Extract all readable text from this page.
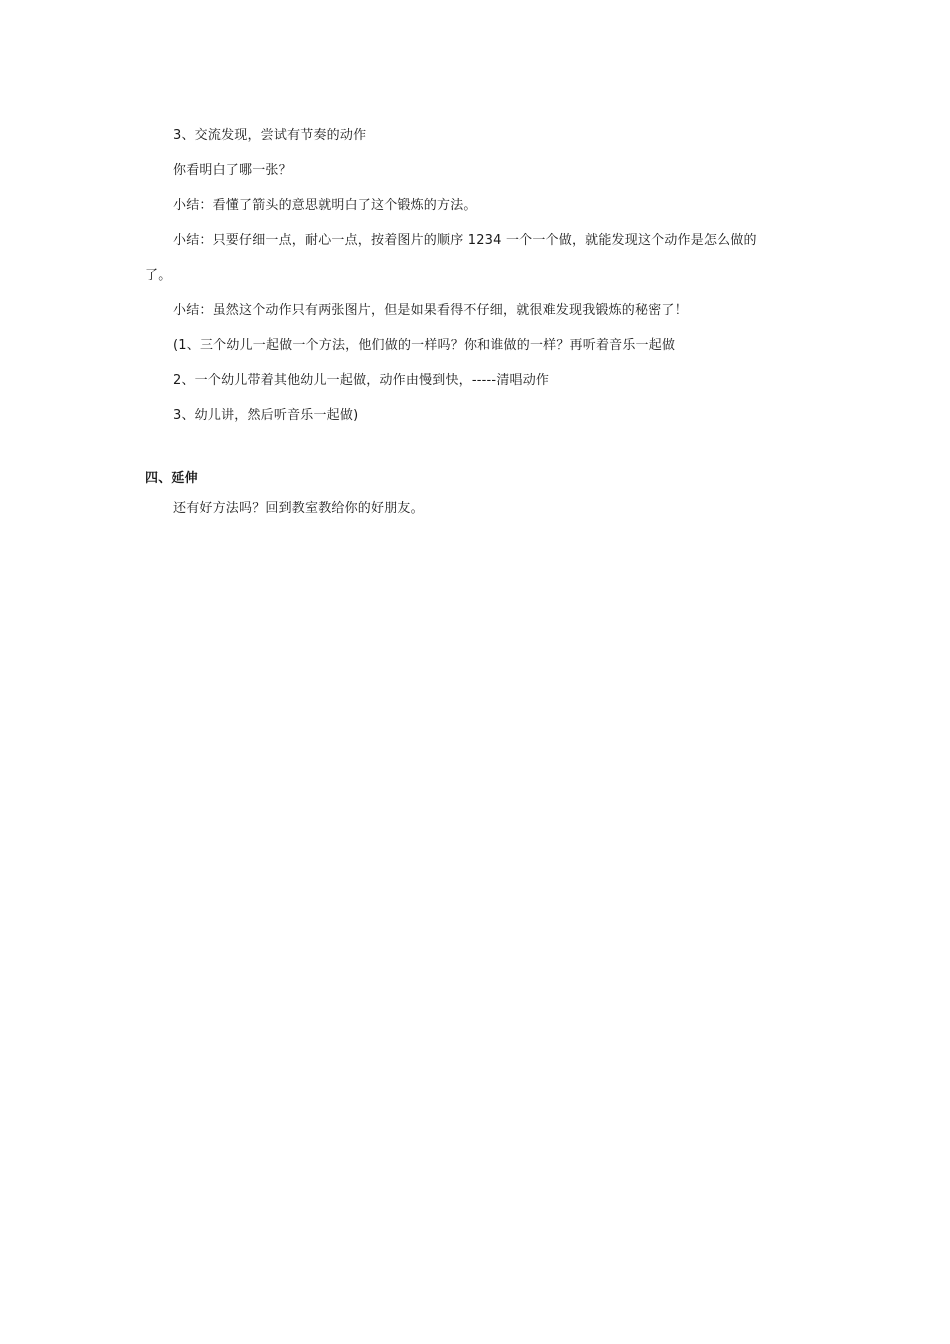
3、交流发现，尝试有节奏的动作
你看明白了哪一张？
小结：看懂了箭头的意思就明白了这个锻炼的方法。
小结：只要仔细一点，耐心一点，按着图片的顺序 1234 一个一个做，就能发现这个动作是怎么做的
了。
小结：虽然这个动作只有两张图片，但是如果看得不仔细，就很难发现我锻炼的秘密了！
(1、三个幼儿一起做一个方法，他们做的一样吗？你和谁做的一样？再听着音乐一起做
2、一个幼儿带着其他幼儿一起做，动作由慢到快，-----清唱动作
3、幼儿讲，然后听音乐一起做)
四、延伸
还有好方法吗？回到教室教给你的好朋友。
